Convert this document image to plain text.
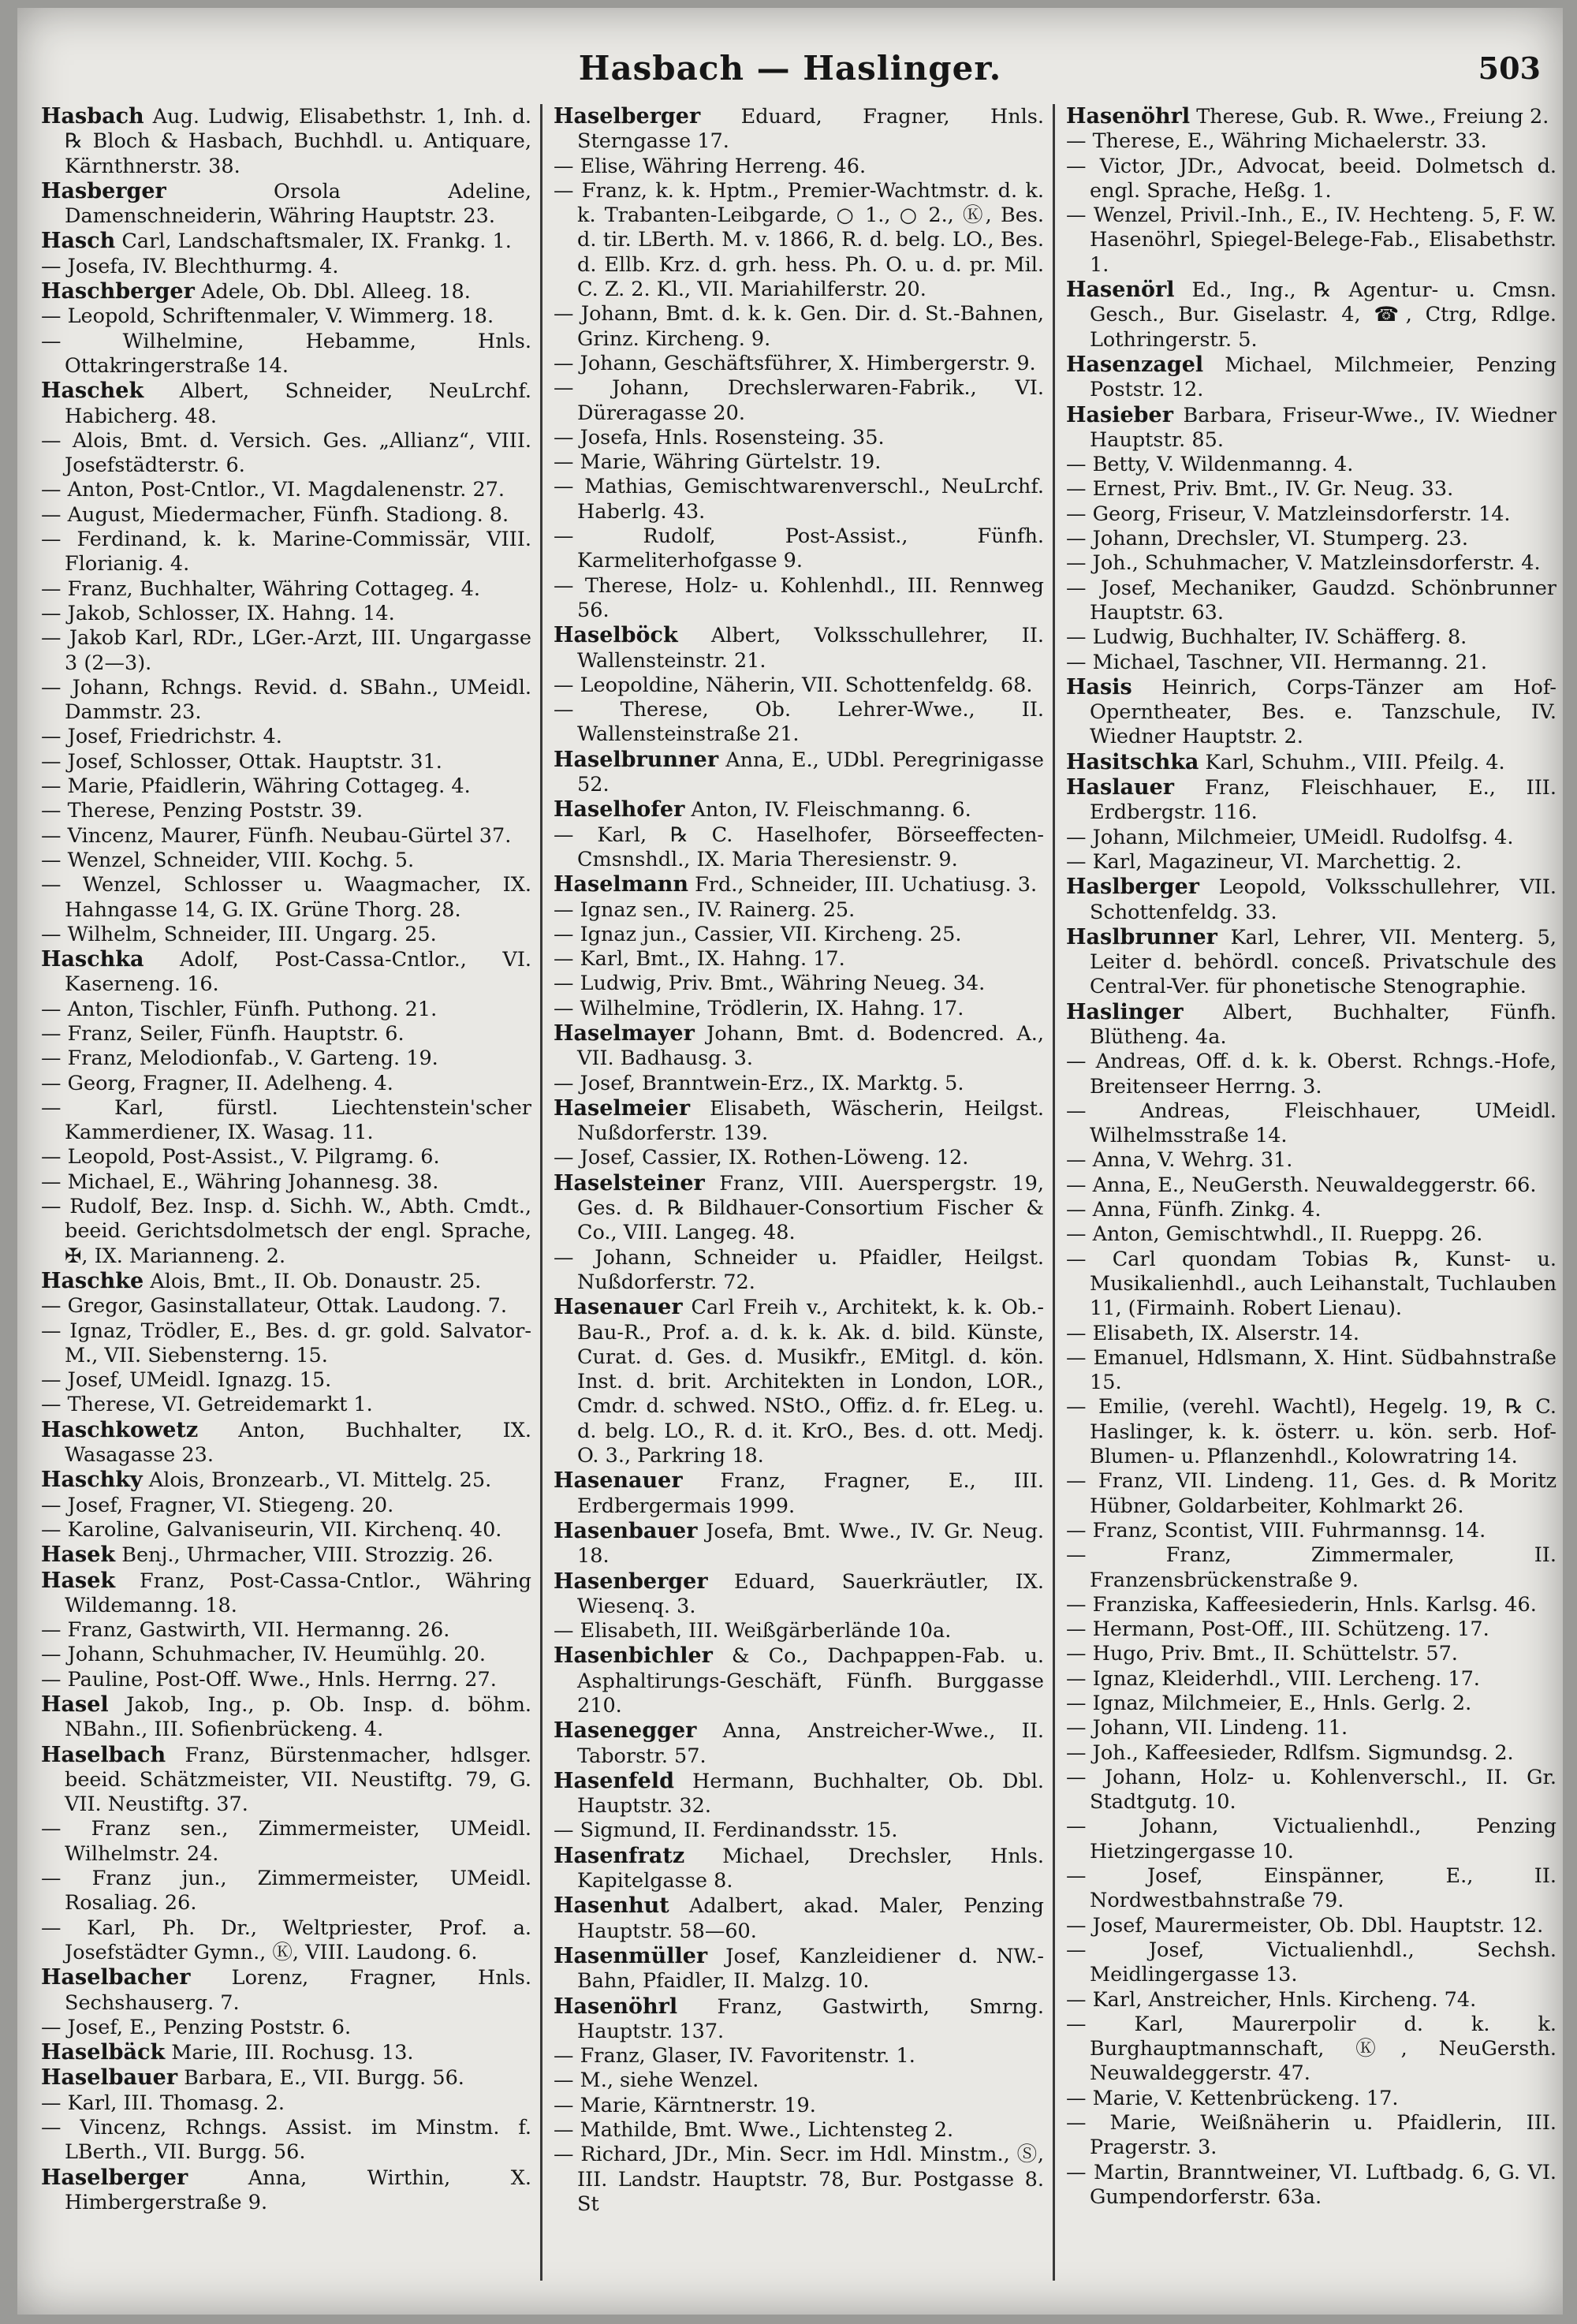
Hasbach — Haslinger.	503

Hasbach Aug. Ludwig, Elisabethstr. 1, Inh. d. ℞ Bloch & Hasbach, Buchhdl. u. Antiquare, Kärnthnerstr. 38.

Hasberger Orsola Adeline, Damenschneiderin, Währing Hauptstr. 23.

Hasch Carl, Landschaftsmaler, IX. Frankg. 1.

— Josefa, IV. Blechthurmg. 4.

Haschberger Adele, Ob. Dbl. Alleeg. 18.

— Leopold, Schriftenmaler, V. Wimmerg. 18.

— Wilhelmine, Hebamme, Hnls. Ottakringerstraße 14.

Haschek Albert, Schneider, NeuLrchf. Habicherg. 48.

— Alois, Bmt. d. Versich. Ges. „Allianz“, VIII. Josefstädterstr. 6.

— Anton, Post-Cntlor., VI. Magdalenenstr. 27.

— August, Miedermacher, Fünfh. Stadiong. 8.

— Ferdinand, k. k. Marine-Commissär, VIII. Florianig. 4.

— Franz, Buchhalter, Währing Cottageg. 4.

— Jakob, Schlosser, IX. Hahng. 14.

— Jakob Karl, RDr., LGer.-Arzt, III. Ungargasse 3 (2—3).

— Johann, Rchngs. Revid. d. SBahn., UMeidl. Dammstr. 23.

— Josef, Friedrichstr. 4.

— Josef, Schlosser, Ottak. Hauptstr. 31.

— Marie, Pfaidlerin, Währing Cottageg. 4.

— Therese, Penzing Poststr. 39.

— Vincenz, Maurer, Fünfh. Neubau-Gürtel 37.

— Wenzel, Schneider, VIII. Kochg. 5.

— Wenzel, Schlosser u. Waagmacher, IX. Hahngasse 14, G. IX. Grüne Thorg. 28.

— Wilhelm, Schneider, III. Ungarg. 25.

Haschka Adolf, Post-Cassa-Cntlor., VI. Kaserneng. 16.

— Anton, Tischler, Fünfh. Puthong. 21.

— Franz, Seiler, Fünfh. Hauptstr. 6.

— Franz, Melodionfab., V. Garteng. 19.

— Georg, Fragner, II. Adelheng. 4.

— Karl, fürstl. Liechtenstein'scher Kammerdiener, IX. Wasag. 11.

— Leopold, Post-Assist., V. Pilgramg. 6.

— Michael, E., Währing Johannesg. 38.

— Rudolf, Bez. Insp. d. Sichh. W., Abth. Cmdt., beeid. Gerichtsdolmetsch der engl. Sprache, ✠, IX. Marianneng. 2.

Haschke Alois, Bmt., II. Ob. Donaustr. 25.

— Gregor, Gasinstallateur, Ottak. Laudong. 7.

— Ignaz, Trödler, E., Bes. d. gr. gold. Salvator-M., VII. Siebensterng. 15.

— Josef, UMeidl. Ignazg. 15.

— Therese, VI. Getreidemarkt 1.

Haschkowetz Anton, Buchhalter, IX. Wasagasse 23.

Haschky Alois, Bronzearb., VI. Mittelg. 25.

— Josef, Fragner, VI. Stiegeng. 20.

— Karoline, Galvaniseurin, VII. Kirchenq. 40.

Hasek Benj., Uhrmacher, VIII. Strozzig. 26.

Hasek Franz, Post-Cassa-Cntlor., Währing Wildemanng. 18.

— Franz, Gastwirth, VII. Hermanng. 26.

— Johann, Schuhmacher, IV. Heumühlg. 20.

— Pauline, Post-Off. Wwe., Hnls. Herrng. 27.

Hasel Jakob, Ing., p. Ob. Insp. d. böhm. NBahn., III. Sofienbrückeng. 4.

Haselbach Franz, Bürstenmacher, hdlsger. beeid. Schätzmeister, VII. Neustiftg. 79, G. VII. Neustiftg. 37.

— Franz sen., Zimmermeister, UMeidl. Wilhelmstr. 24.

— Franz jun., Zimmermeister, UMeidl. Rosaliag. 26.

— Karl, Ph. Dr., Weltpriester, Prof. a. Josefstädter Gymn., Ⓚ, VIII. Laudong. 6.

Haselbacher Lorenz, Fragner, Hnls. Sechshauserg. 7.

— Josef, E., Penzing Poststr. 6.

Haselbäck Marie, III. Rochusg. 13.

Haselbauer Barbara, E., VII. Burgg. 56.

— Karl, III. Thomasg. 2.

— Vincenz, Rchngs. Assist. im Minstm. f. LBerth., VII. Burgg. 56.

Haselberger Anna, Wirthin, X. Himbergerstraße 9.

Haselberger Eduard, Fragner, Hnls. Sterngasse 17.

— Elise, Währing Herreng. 46.

— Franz, k. k. Hptm., Premier-Wachtmstr. d. k. k. Trabanten-Leibgarde, ○ 1., ○ 2., Ⓚ, Bes. d. tir. LBerth. M. v. 1866, R. d. belg. LO., Bes. d. Ellb. Krz. d. grh. hess. Ph. O. u. d. pr. Mil. C. Z. 2. Kl., VII. Mariahilferstr. 20.

— Johann, Bmt. d. k. k. Gen. Dir. d. St.-Bahnen, Grinz. Kircheng. 9.

— Johann, Geschäftsführer, X. Himbergerstr. 9.

— Johann, Drechslerwaren-Fabrik., VI. Düreragasse 20.

— Josefa, Hnls. Rosensteing. 35.

— Marie, Währing Gürtelstr. 19.

— Mathias, Gemischtwarenverschl., NeuLrchf. Haberlg. 43.

— Rudolf, Post-Assist., Fünfh. Karmeliterhofgasse 9.

— Therese, Holz- u. Kohlenhdl., III. Rennweg 56.

Haselböck Albert, Volksschullehrer, II. Wallensteinstr. 21.

— Leopoldine, Näherin, VII. Schottenfeldg. 68.

— Therese, Ob. Lehrer-Wwe., II. Wallensteinstraße 21.

Haselbrunner Anna, E., UDbl. Peregrinigasse 52.

Haselhofer Anton, IV. Fleischmanng. 6.

— Karl, ℞ C. Haselhofer, Börseeffecten-Cmsnshdl., IX. Maria Theresienstr. 9.

Haselmann Frd., Schneider, III. Uchatiusg. 3.

— Ignaz sen., IV. Rainerg. 25.

— Ignaz jun., Cassier, VII. Kircheng. 25.

— Karl, Bmt., IX. Hahng. 17.

— Ludwig, Priv. Bmt., Währing Neueg. 34.

— Wilhelmine, Trödlerin, IX. Hahng. 17.

Haselmayer Johann, Bmt. d. Bodencred. A., VII. Badhausg. 3.

— Josef, Branntwein-Erz., IX. Marktg. 5.

Haselmeier Elisabeth, Wäscherin, Heilgst. Nußdorferstr. 139.

— Josef, Cassier, IX. Rothen-Löweng. 12.

Haselsteiner Franz, VIII. Auerspergstr. 19, Ges. d. ℞ Bildhauer-Consortium Fischer & Co., VIII. Langeg. 48.

— Johann, Schneider u. Pfaidler, Heilgst. Nußdorferstr. 72.

Hasenauer Carl Freih v., Architekt, k. k. Ob.-Bau-R., Prof. a. d. k. k. Ak. d. bild. Künste, Curat. d. Ges. d. Musikfr., EMitgl. d. kön. Inst. d. brit. Architekten in London, LOR., Cmdr. d. schwed. NStO., Offiz. d. fr. ELeg. u. d. belg. LO., R. d. it. KrO., Bes. d. ott. Medj. O. 3., Parkring 18.

Hasenauer Franz, Fragner, E., III. Erdbergermais 1999.

Hasenbauer Josefa, Bmt. Wwe., IV. Gr. Neug. 18.

Hasenberger Eduard, Sauerkräutler, IX. Wiesenq. 3.

— Elisabeth, III. Weißgärberlände 10a.

Hasenbichler & Co., Dachpappen-Fab. u. Asphaltirungs-Geschäft, Fünfh. Burggasse 210.

Hasenegger Anna, Anstreicher-Wwe., II. Taborstr. 57.

Hasenfeld Hermann, Buchhalter, Ob. Dbl. Hauptstr. 32.

— Sigmund, II. Ferdinandsstr. 15.

Hasenfratz Michael, Drechsler, Hnls. Kapitelgasse 8.

Hasenhut Adalbert, akad. Maler, Penzing Hauptstr. 58—60.

Hasenmüller Josef, Kanzleidiener d. NW.-Bahn, Pfaidler, II. Malzg. 10.

Hasenöhrl Franz, Gastwirth, Smrng. Hauptstr. 137.

— Franz, Glaser, IV. Favoritenstr. 1.

— M., siehe Wenzel.

— Marie, Kärntnerstr. 19.

— Mathilde, Bmt. Wwe., Lichtensteg 2.

— Richard, JDr., Min. Secr. im Hdl. Minstm., Ⓢ, III. Landstr. Hauptstr. 78, Bur. Postgasse 8. St

Hasenöhrl Therese, Gub. R. Wwe., Freiung 2.

— Therese, E., Währing Michaelerstr. 33.

— Victor, JDr., Advocat, beeid. Dolmetsch d. engl. Sprache, Heßg. 1.

— Wenzel, Privil.-Inh., E., IV. Hechteng. 5, F. W. Hasenöhrl, Spiegel-Belege-Fab., Elisabethstr. 1.

Hasenörl Ed., Ing., ℞ Agentur- u. Cmsn. Gesch., Bur. Giselastr. 4, ☎, Ctrg, Rdlge. Lothringerstr. 5.

Hasenzagel Michael, Milchmeier, Penzing Poststr. 12.

Hasieber Barbara, Friseur-Wwe., IV. Wiedner Hauptstr. 85.

— Betty, V. Wildenmanng. 4.

— Ernest, Priv. Bmt., IV. Gr. Neug. 33.

— Georg, Friseur, V. Matzleinsdorferstr. 14.

— Johann, Drechsler, VI. Stumperg. 23.

— Joh., Schuhmacher, V. Matzleinsdorferstr. 4.

— Josef, Mechaniker, Gaudzd. Schönbrunner Hauptstr. 63.

— Ludwig, Buchhalter, IV. Schäfferg. 8.

— Michael, Taschner, VII. Hermanng. 21.

Hasis Heinrich, Corps-Tänzer am Hof-Operntheater, Bes. e. Tanzschule, IV. Wiedner Hauptstr. 2.

Hasitschka Karl, Schuhm., VIII. Pfeilg. 4.

Haslauer Franz, Fleischhauer, E., III. Erdbergstr. 116.

— Johann, Milchmeier, UMeidl. Rudolfsg. 4.

— Karl, Magazineur, VI. Marchettig. 2.

Haslberger Leopold, Volksschullehrer, VII. Schottenfeldg. 33.

Haslbrunner Karl, Lehrer, VII. Menterg. 5, Leiter d. behördl. conceß. Privatschule des Central-Ver. für phonetische Stenographie.

Haslinger Albert, Buchhalter, Fünfh. Blütheng. 4a.

— Andreas, Off. d. k. k. Oberst. Rchngs.-Hofe, Breitenseer Herrng. 3.

— Andreas, Fleischhauer, UMeidl. Wilhelmsstraße 14.

— Anna, V. Wehrg. 31.

— Anna, E., NeuGersth. Neuwaldeggerstr. 66.

— Anna, Fünfh. Zinkg. 4.

— Anton, Gemischtwhdl., II. Rueppg. 26.

— Carl quondam Tobias ℞, Kunst- u. Musikalienhdl., auch Leihanstalt, Tuchlauben 11, (Firmainh. Robert Lienau).

— Elisabeth, IX. Alserstr. 14.

— Emanuel, Hdlsmann, X. Hint. Südbahnstraße 15.

— Emilie, (verehl. Wachtl), Hegelg. 19, ℞ C. Haslinger, k. k. österr. u. kön. serb. Hof-Blumen- u. Pflanzenhdl., Kolowratring 14.

— Franz, VII. Lindeng. 11, Ges. d. ℞ Moritz Hübner, Goldarbeiter, Kohlmarkt 26.

— Franz, Scontist, VIII. Fuhrmannsg. 14.

— Franz, Zimmermaler, II. Franzensbrückenstraße 9.

— Franziska, Kaffeesiederin, Hnls. Karlsg. 46.

— Hermann, Post-Off., III. Schützeng. 17.

— Hugo, Priv. Bmt., II. Schüttelstr. 57.

— Ignaz, Kleiderhdl., VIII. Lercheng. 17.

— Ignaz, Milchmeier, E., Hnls. Gerlg. 2.

— Johann, VII. Lindeng. 11.

— Joh., Kaffeesieder, Rdlfsm. Sigmundsg. 2.

— Johann, Holz- u. Kohlenverschl., II. Gr. Stadtgutg. 10.

— Johann, Victualienhdl., Penzing Hietzingergasse 10.

— Josef, Einspänner, E., II. Nordwestbahnstraße 79.

— Josef, Maurermeister, Ob. Dbl. Hauptstr. 12.

— Josef, Victualienhdl., Sechsh. Meidlingergasse 13.

— Karl, Anstreicher, Hnls. Kircheng. 74.

— Karl, Maurerpolir d. k. k. Burghauptmannschaft, Ⓚ, NeuGersth. Neuwaldeggerstr. 47.

— Marie, V. Kettenbrückeng. 17.

— Marie, Weißnäherin u. Pfaidlerin, III. Pragerstr. 3.

— Martin, Branntweiner, VI. Luftbadg. 6, G. VI. Gumpendorferstr. 63a.
